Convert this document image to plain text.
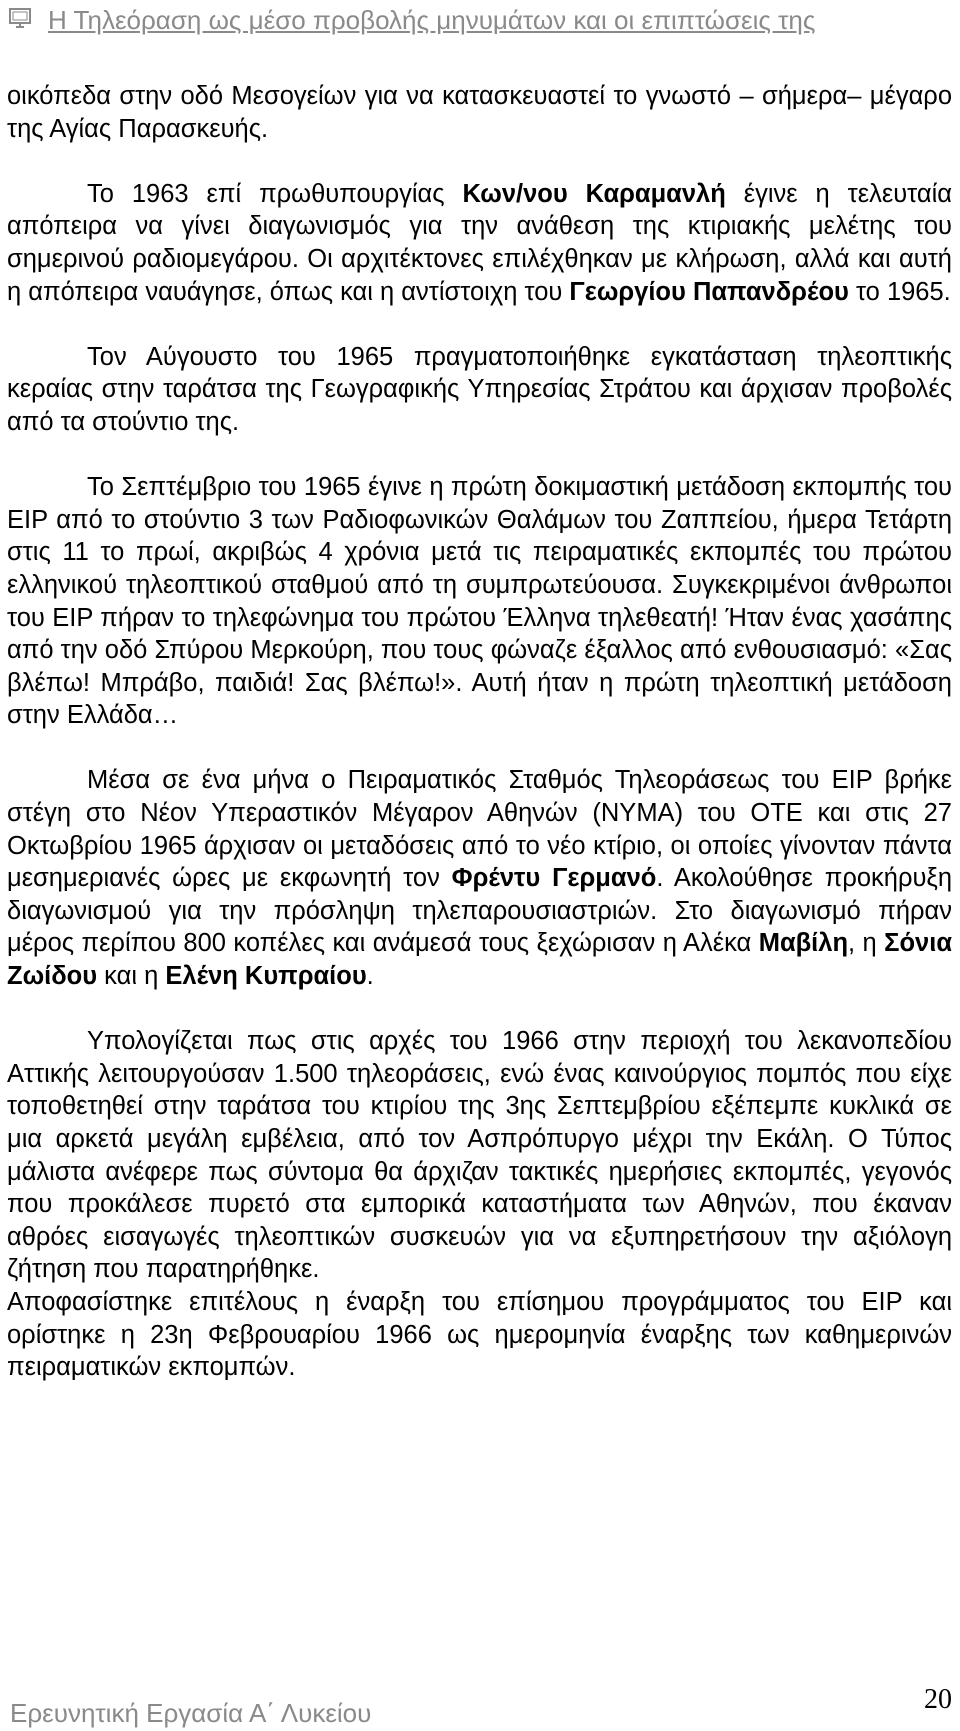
Η Τηλεόραση ως μέσο προβολής μηνυμάτων και οι επιπτώσεις της

οικόπεδα στην οδό Μεσογείων για να κατασκευαστεί το γνωστό – σήμερα– μέγαρο της Αγίας Παρασκευής.

Το 1963 επί πρωθυπουργίας Κων/νου Καραμανλή έγινε η τελευταία απόπειρα να γίνει διαγωνισμός για την ανάθεση της κτιριακής μελέτης του σημερινού ραδιομεγάρου. Οι αρχιτέκτονες επιλέχθηκαν με κλήρωση, αλλά και αυτή η απόπειρα ναυάγησε, όπως και η αντίστοιχη του Γεωργίου Παπανδρέου το 1965.

Τον Αύγουστο του 1965 πραγματοποιήθηκε εγκατάσταση τηλεοπτικής κεραίας στην ταράτσα της Γεωγραφικής Υπηρεσίας Στράτου και άρχισαν προβολές από τα στούντιο της.

Το Σεπτέμβριο του 1965 έγινε η πρώτη δοκιμαστική μετάδοση εκπομπής του ΕΙΡ από το στούντιο 3 των Ραδιοφωνικών Θαλάμων του Ζαππείου, ήμερα Τετάρτη στις 11 το πρωί, ακριβώς 4 χρόνια μετά τις πειραματικές εκπομπές του πρώτου ελληνικού τηλεοπτικού σταθμού από τη συμπρωτεύουσα. Συγκεκριμένοι άνθρωποι του ΕΙΡ πήραν το τηλεφώνημα του πρώτου Έλληνα τηλεθεατή! Ήταν ένας χασάπης από την οδό Σπύρου Μερκούρη, που τους φώναζε έξαλλος από ενθουσιασμό: «Σας βλέπω! Μπράβο, παιδιά! Σας βλέπω!». Αυτή ήταν η πρώτη τηλεοπτική μετάδοση στην Ελλάδα…

Μέσα σε ένα μήνα ο Πειραματικός Σταθμός Τηλεοράσεως του ΕΙΡ βρήκε στέγη στο Νέον Υπεραστικόν Μέγαρον Αθηνών (ΝΥΜΑ) του ΟΤΕ και στις 27 Οκτωβρίου 1965 άρχισαν οι μεταδόσεις από το νέο κτίριο, οι οποίες γίνονταν πάντα μεσημεριανές ώρες με εκφωνητή τον Φρέντυ Γερμανό. Ακολούθησε προκήρυξη διαγωνισμού για την πρόσληψη τηλεπαρουσιαστριών. Στο διαγωνισμό πήραν μέρος περίπου 800 κοπέλες και ανάμεσά τους ξεχώρισαν η Αλέκα Μαβίλη, η Σόνια Ζωίδου και η Ελένη Κυπραίου.

Υπολογίζεται πως στις αρχές του 1966 στην περιοχή του λεκανοπεδίου Αττικής λειτουργούσαν 1.500 τηλεοράσεις, ενώ ένας καινούργιος πομπός που είχε τοποθετηθεί στην ταράτσα του κτιρίου της 3ης Σεπτεμβρίου εξέπεμπε κυκλικά σε μια αρκετά μεγάλη εμβέλεια, από τον Ασπρόπυργο μέχρι την Εκάλη. Ο Τύπος μάλιστα ανέφερε πως σύντομα θα άρχιζαν τακτικές ημερήσιες εκπομπές, γεγονός που προκάλεσε πυρετό στα εμπορικά καταστήματα των Αθηνών, που έκαναν αθρόες εισαγωγές τηλεοπτικών συσκευών για να εξυπηρετήσουν την αξιόλογη ζήτηση που παρατηρήθηκε.

Αποφασίστηκε επιτέλους η έναρξη του επίσημου προγράμματος του ΕΙΡ και ορίστηκε η 23η Φεβρουαρίου 1966 ως ημερομηνία έναρξης των καθημερινών πειραματικών εκπομπών.

Ερευνητική Εργασία Α΄ Λυκείου	20
